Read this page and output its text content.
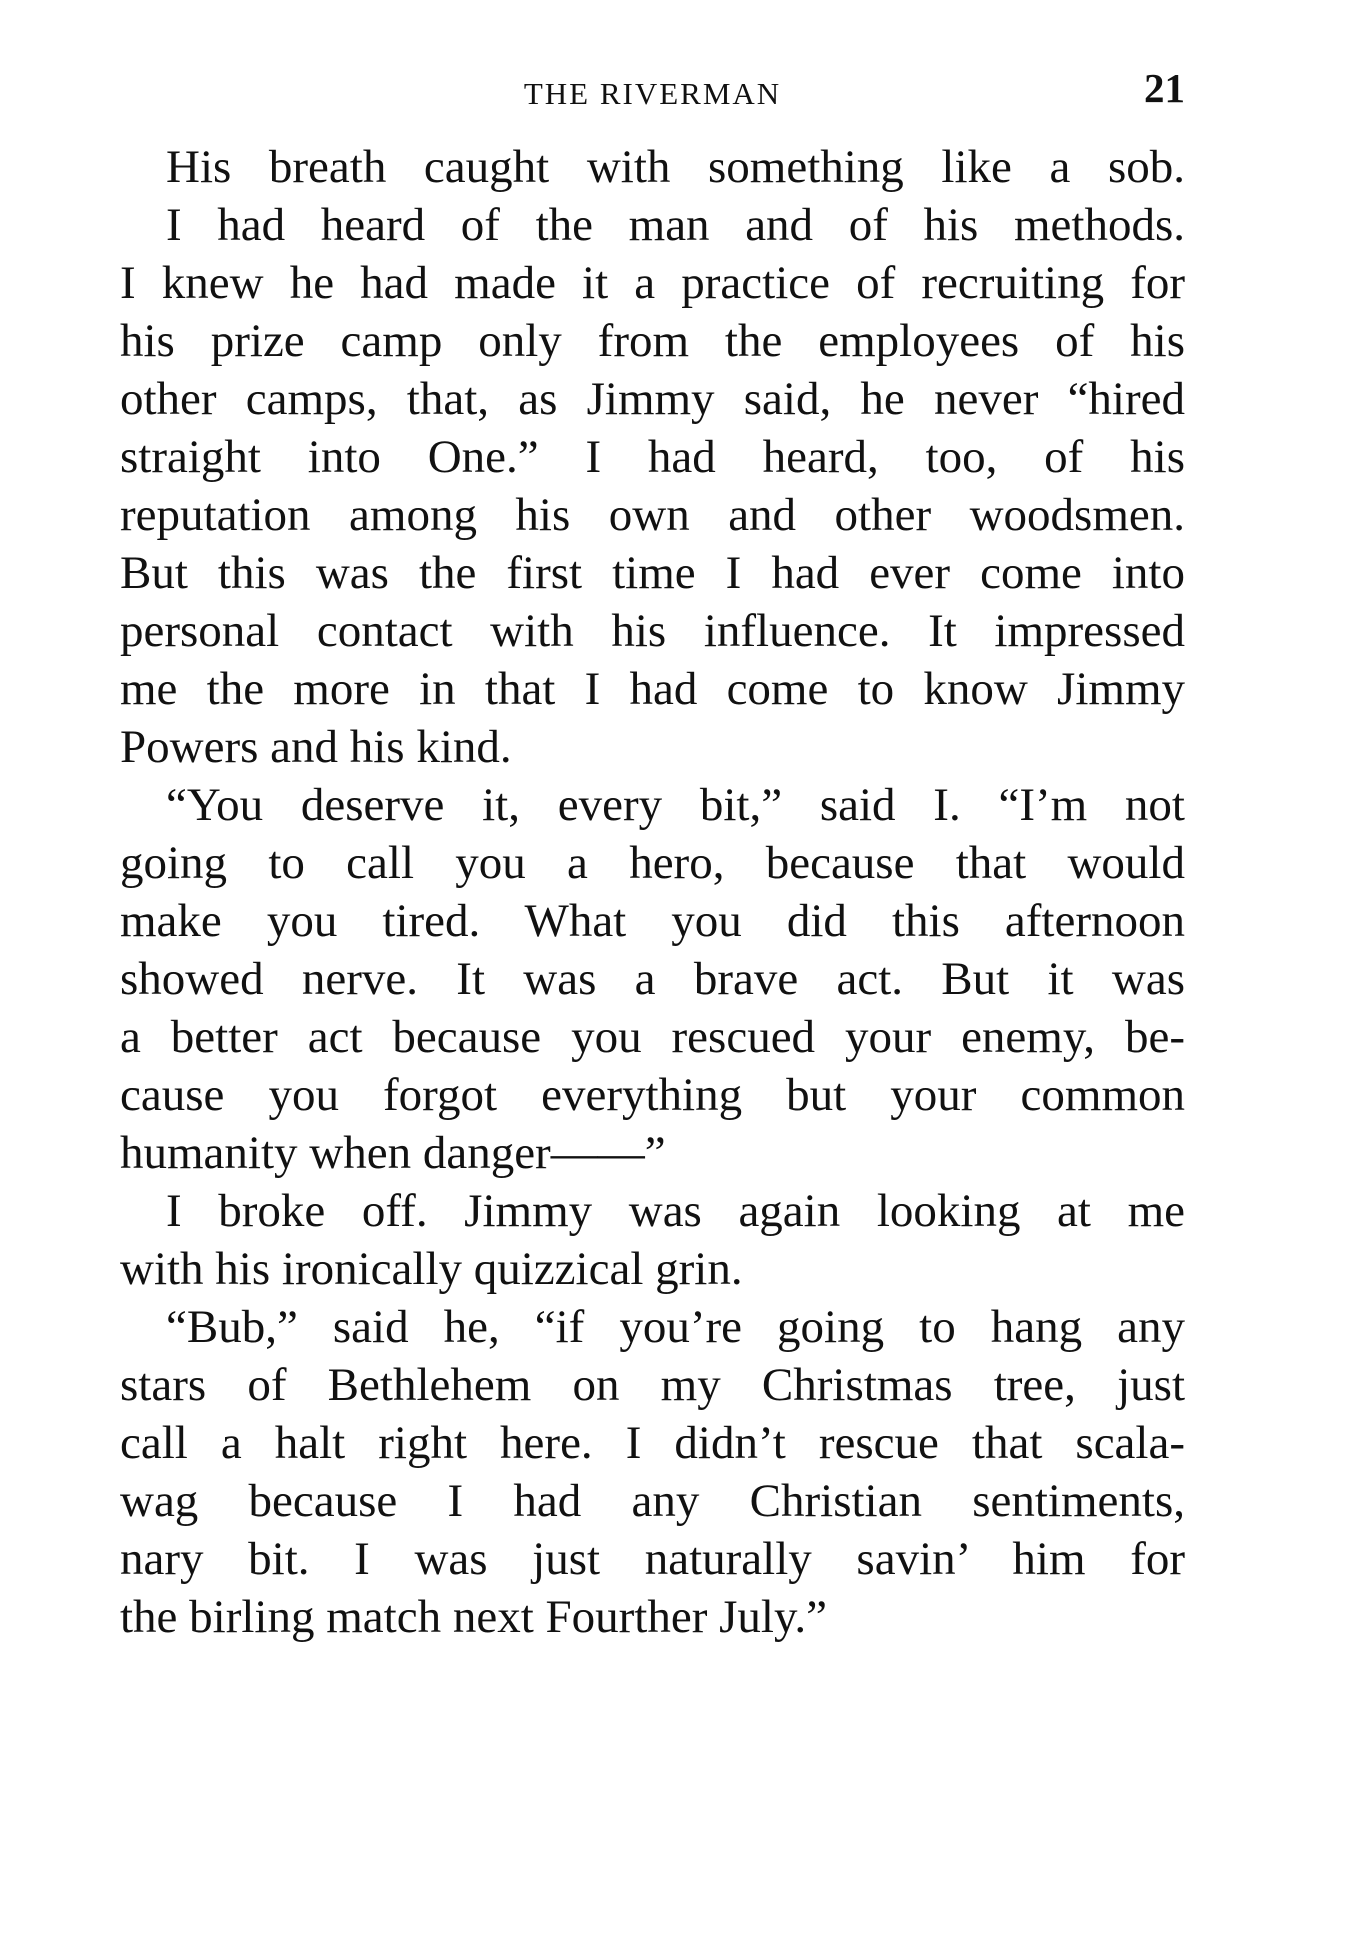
THE RIVERMAN	21
His breath caught with something like a sob.
I had heard of the man and of his methods.
I knew he had made it a practice of recruiting for
his prize camp only from the employees of his
other camps, that, as Jimmy said, he never “hired
straight into One.” I had heard, too, of his
reputation among his own and other woodsmen.
But this was the first time I had ever come into
personal contact with his influence. It impressed
me the more in that I had come to know Jimmy
Powers and his kind.
“You deserve it, every bit,” said I. “I’m not
going to call you a hero, because that would
make you tired. What you did this afternoon
showed nerve. It was a brave act. But it was
a better act because you rescued your enemy, be-
cause you forgot everything but your common
humanity when danger——”
I broke off. Jimmy was again looking at me
with his ironically quizzical grin.
“Bub,” said he, “if you’re going to hang any
stars of Bethlehem on my Christmas tree, just
call a halt right here. I didn’t rescue that scala-
wag because I had any Christian sentiments,
nary bit. I was just naturally savin’ him for
the birling match next Fourther July.”
